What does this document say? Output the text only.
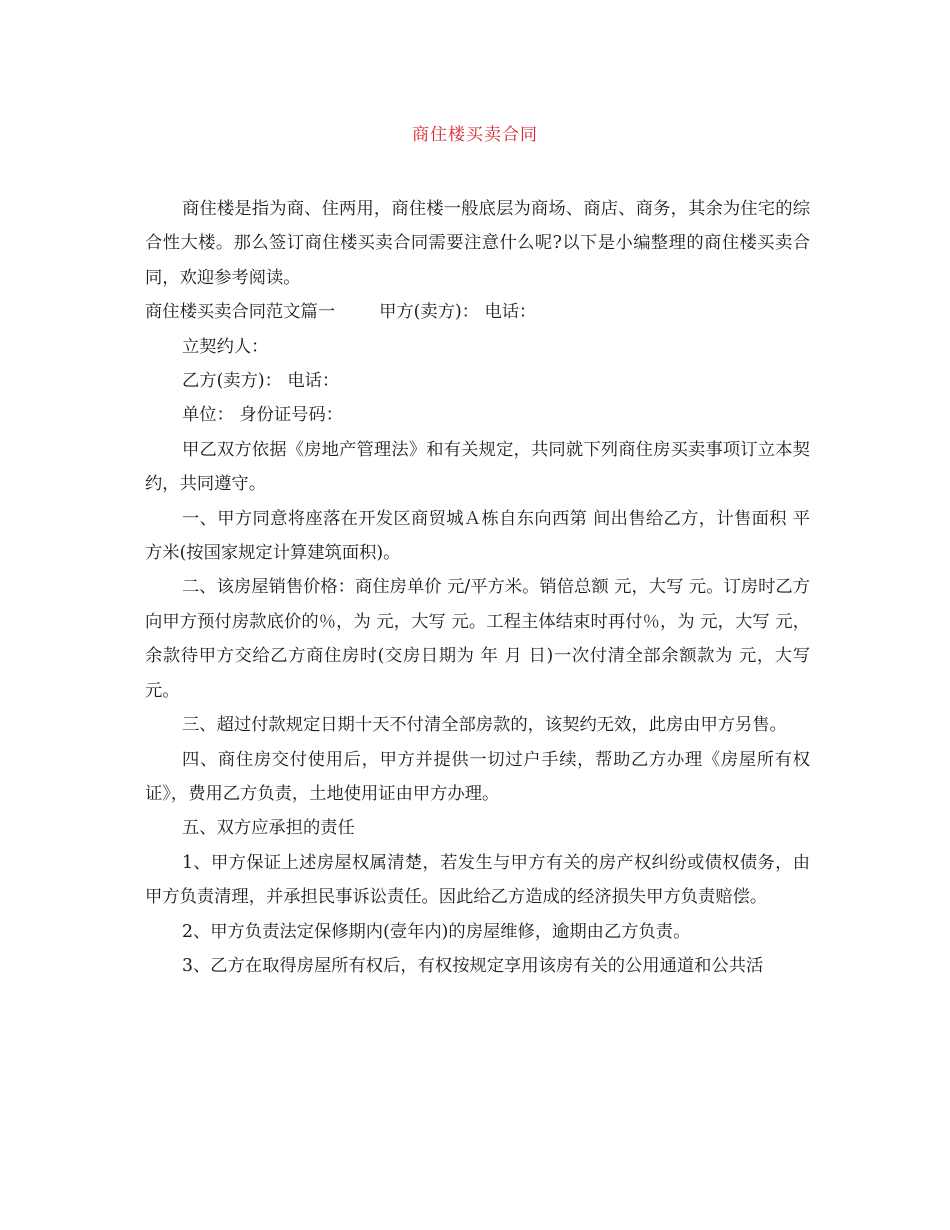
商住楼买卖合同

商住楼是指为商、住两用，商住楼一般底层为商场、商店、商务，其余为住宅的综合性大楼。那么签订商住楼买卖合同需要注意什么呢?以下是小编整理的商住楼买卖合同，欢迎参考阅读。

商住楼买卖合同范文篇一	甲方(卖方)： 电话：

立契约人：

乙方(卖方)： 电话：

单位： 身份证号码：

甲乙双方依据《房地产管理法》和有关规定，共同就下列商住房买卖事项订立本契约，共同遵守。

一、甲方同意将座落在开发区商贸城Ａ栋自东向西第 间出售给乙方，计售面积 平方米(按国家规定计算建筑面积)。

二、该房屋销售价格：商住房单价 元/平方米。销倍总额 元，大写 元。订房时乙方向甲方预付房款底价的％，为 元，大写 元。工程主体结束时再付％，为 元，大写 元，余款待甲方交给乙方商住房时(交房日期为 年 月 日)一次付清全部余额款为 元，大写 元。

三、超过付款规定日期十天不付清全部房款的，该契约无效，此房由甲方另售。

四、商住房交付使用后，甲方并提供一切过户手续，帮助乙方办理《房屋所有权证》，费用乙方负责，土地使用证由甲方办理。

五、双方应承担的责任

1、甲方保证上述房屋权属清楚，若发生与甲方有关的房产权纠纷或债权债务，由甲方负责清理，并承担民事诉讼责任。因此给乙方造成的经济损失甲方负责赔偿。

2、甲方负责法定保修期内(壹年内)的房屋维修，逾期由乙方负责。

3、乙方在取得房屋所有权后，有权按规定享用该房有关的公用通道和公共活
